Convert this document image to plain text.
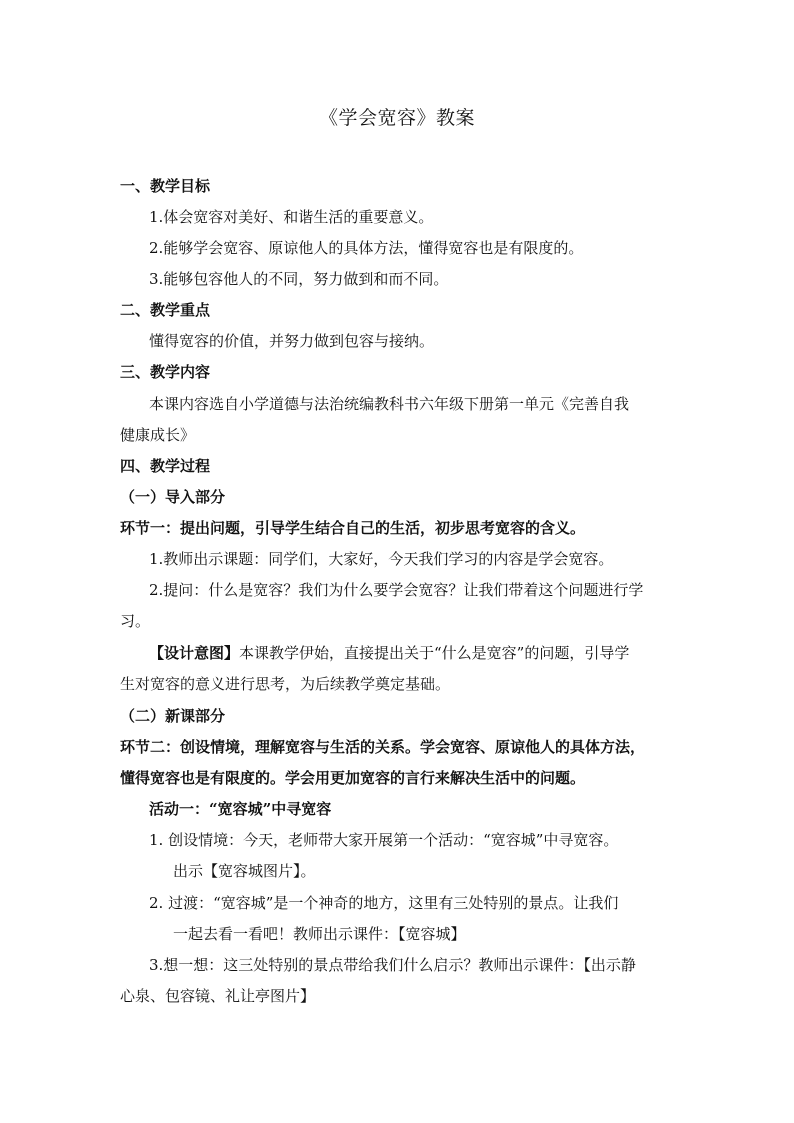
《学会宽容》教案
一、教学目标
1.体会宽容对美好、和谐生活的重要意义。
2.能够学会宽容、原谅他人的具体方法，懂得宽容也是有限度的。
3.能够包容他人的不同，努力做到和而不同。
二、教学重点
懂得宽容的价值，并努力做到包容与接纳。
三、教学内容
本课内容选自小学道德与法治统编教科书六年级下册第一单元《完善自我
健康成长》
四、教学过程
（一）导入部分
环节一：提出问题，引导学生结合自己的生活，初步思考宽容的含义。
1.教师出示课题：同学们，大家好，今天我们学习的内容是学会宽容。
2.提问：什么是宽容？我们为什么要学会宽容？让我们带着这个问题进行学
习。
【设计意图】本课教学伊始，直接提出关于“什么是宽容”的问题，引导学
生对宽容的意义进行思考，为后续教学奠定基础。
（二）新课部分
环节二：创设情境，理解宽容与生活的关系。学会宽容、原谅他人的具体方法，
懂得宽容也是有限度的。学会用更加宽容的言行来解决生活中的问题。
活动一：“宽容城”中寻宽容
1. 创设情境：今天，老师带大家开展第一个活动：“宽容城”中寻宽容。
出示【宽容城图片】。
2. 过渡：“宽容城”是一个神奇的地方，这里有三处特别的景点。让我们
一起去看一看吧！教师出示课件：【宽容城】
3.想一想：这三处特别的景点带给我们什么启示？教师出示课件：【出示静
心泉、包容镜、礼让亭图片】
